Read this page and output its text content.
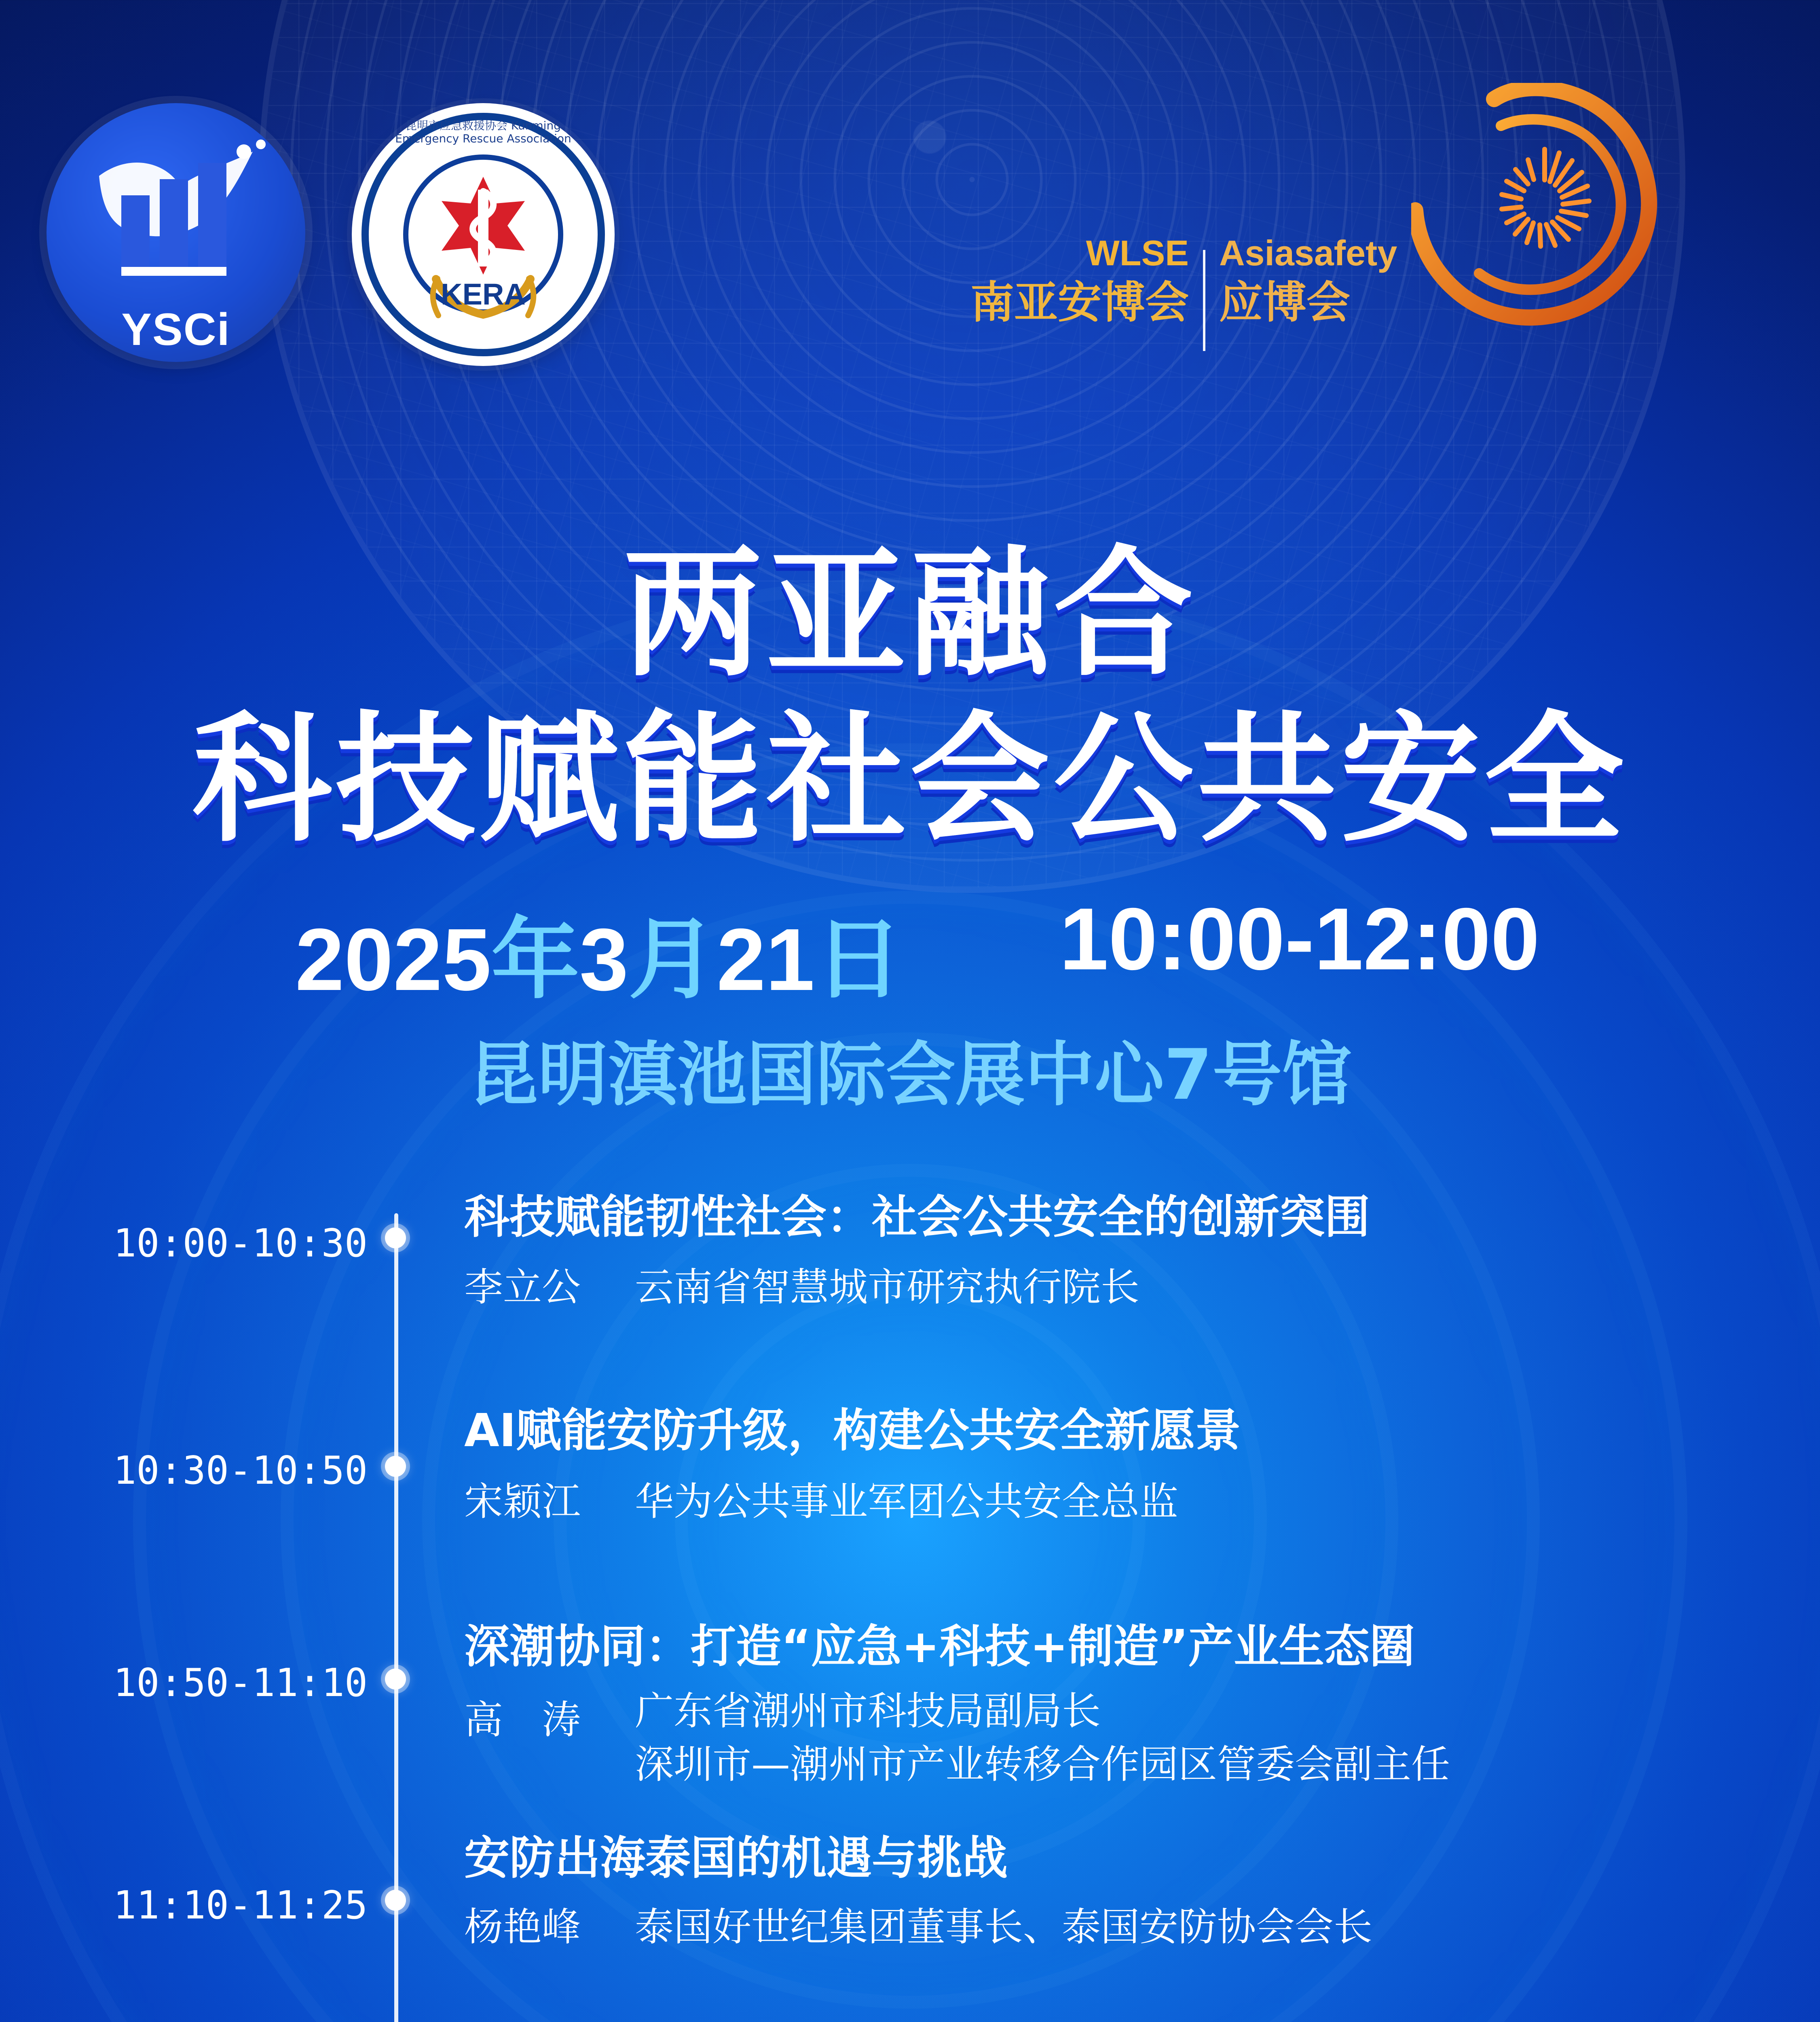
YSCi
昆明市应急救援协会 Kunming Emergency Rescue Association
KERA
WLSE
南亚安博会
Asiasafety
应博会
两亚融合
科技赋能社会公共安全
2025年3月21日 10:00-12:00
昆明滇池国际会展中心7号馆
10:00-10:30 科技赋能韧性社会：社会公共安全的创新突围
李立公	云南省智慧城市研究执行院长
10:30-10:50
AI赋能安防升级，构建公共安全新愿景
宋颖江	华为公共事业军团公共安全总监
10:50-11:10
深潮协同：打造“应急+科技+制造”产业生态圈
高　涛	广东省潮州市科技局副局长
深圳市—潮州市产业转移合作园区管委会副主任
11:10-11:25
安防出海泰国的机遇与挑战
杨艳峰	泰国好世纪集团董事长、泰国安防协会会长
